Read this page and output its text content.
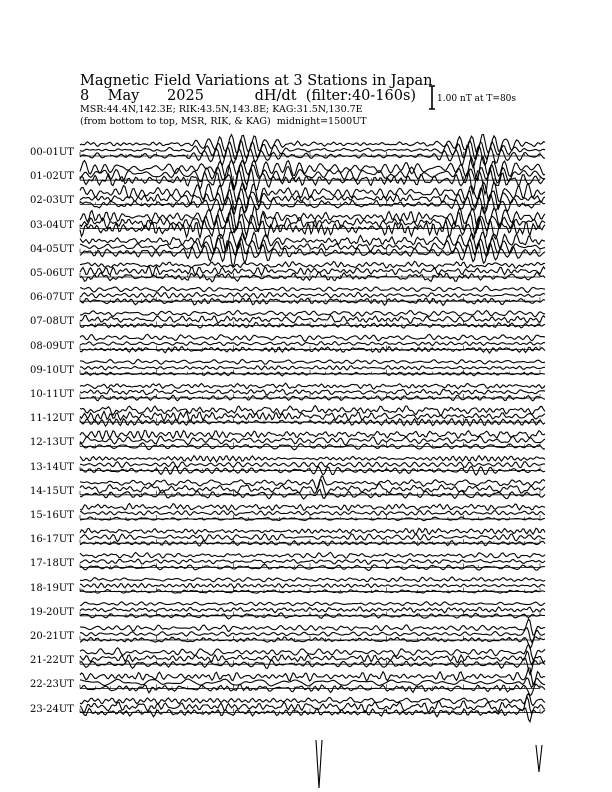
Magnetic Field Variations at 3 Stations in Japan
8 May 2025	dH/dt (filter:40-160s)
MSR:44.4N,142.3E; RIK:43.5N,143.8E; KAG:31.5N,130.7E
(from bottom to top, MSR, RIK, & KAG) midnight=1500UT
1.00 nT at T=80s
00-01UT
01-02UT
02-03UT
03-04UT
04-05UT
05-06UT
06-07UT
07-08UT
08-09UT
09-10UT
10-11UT
11-12UT
12-13UT
13-14UT
14-15UT
15-16UT
16-17UT
17-18UT
18-19UT
19-20UT
20-21UT
21-22UT
22-23UT
23-24UT
